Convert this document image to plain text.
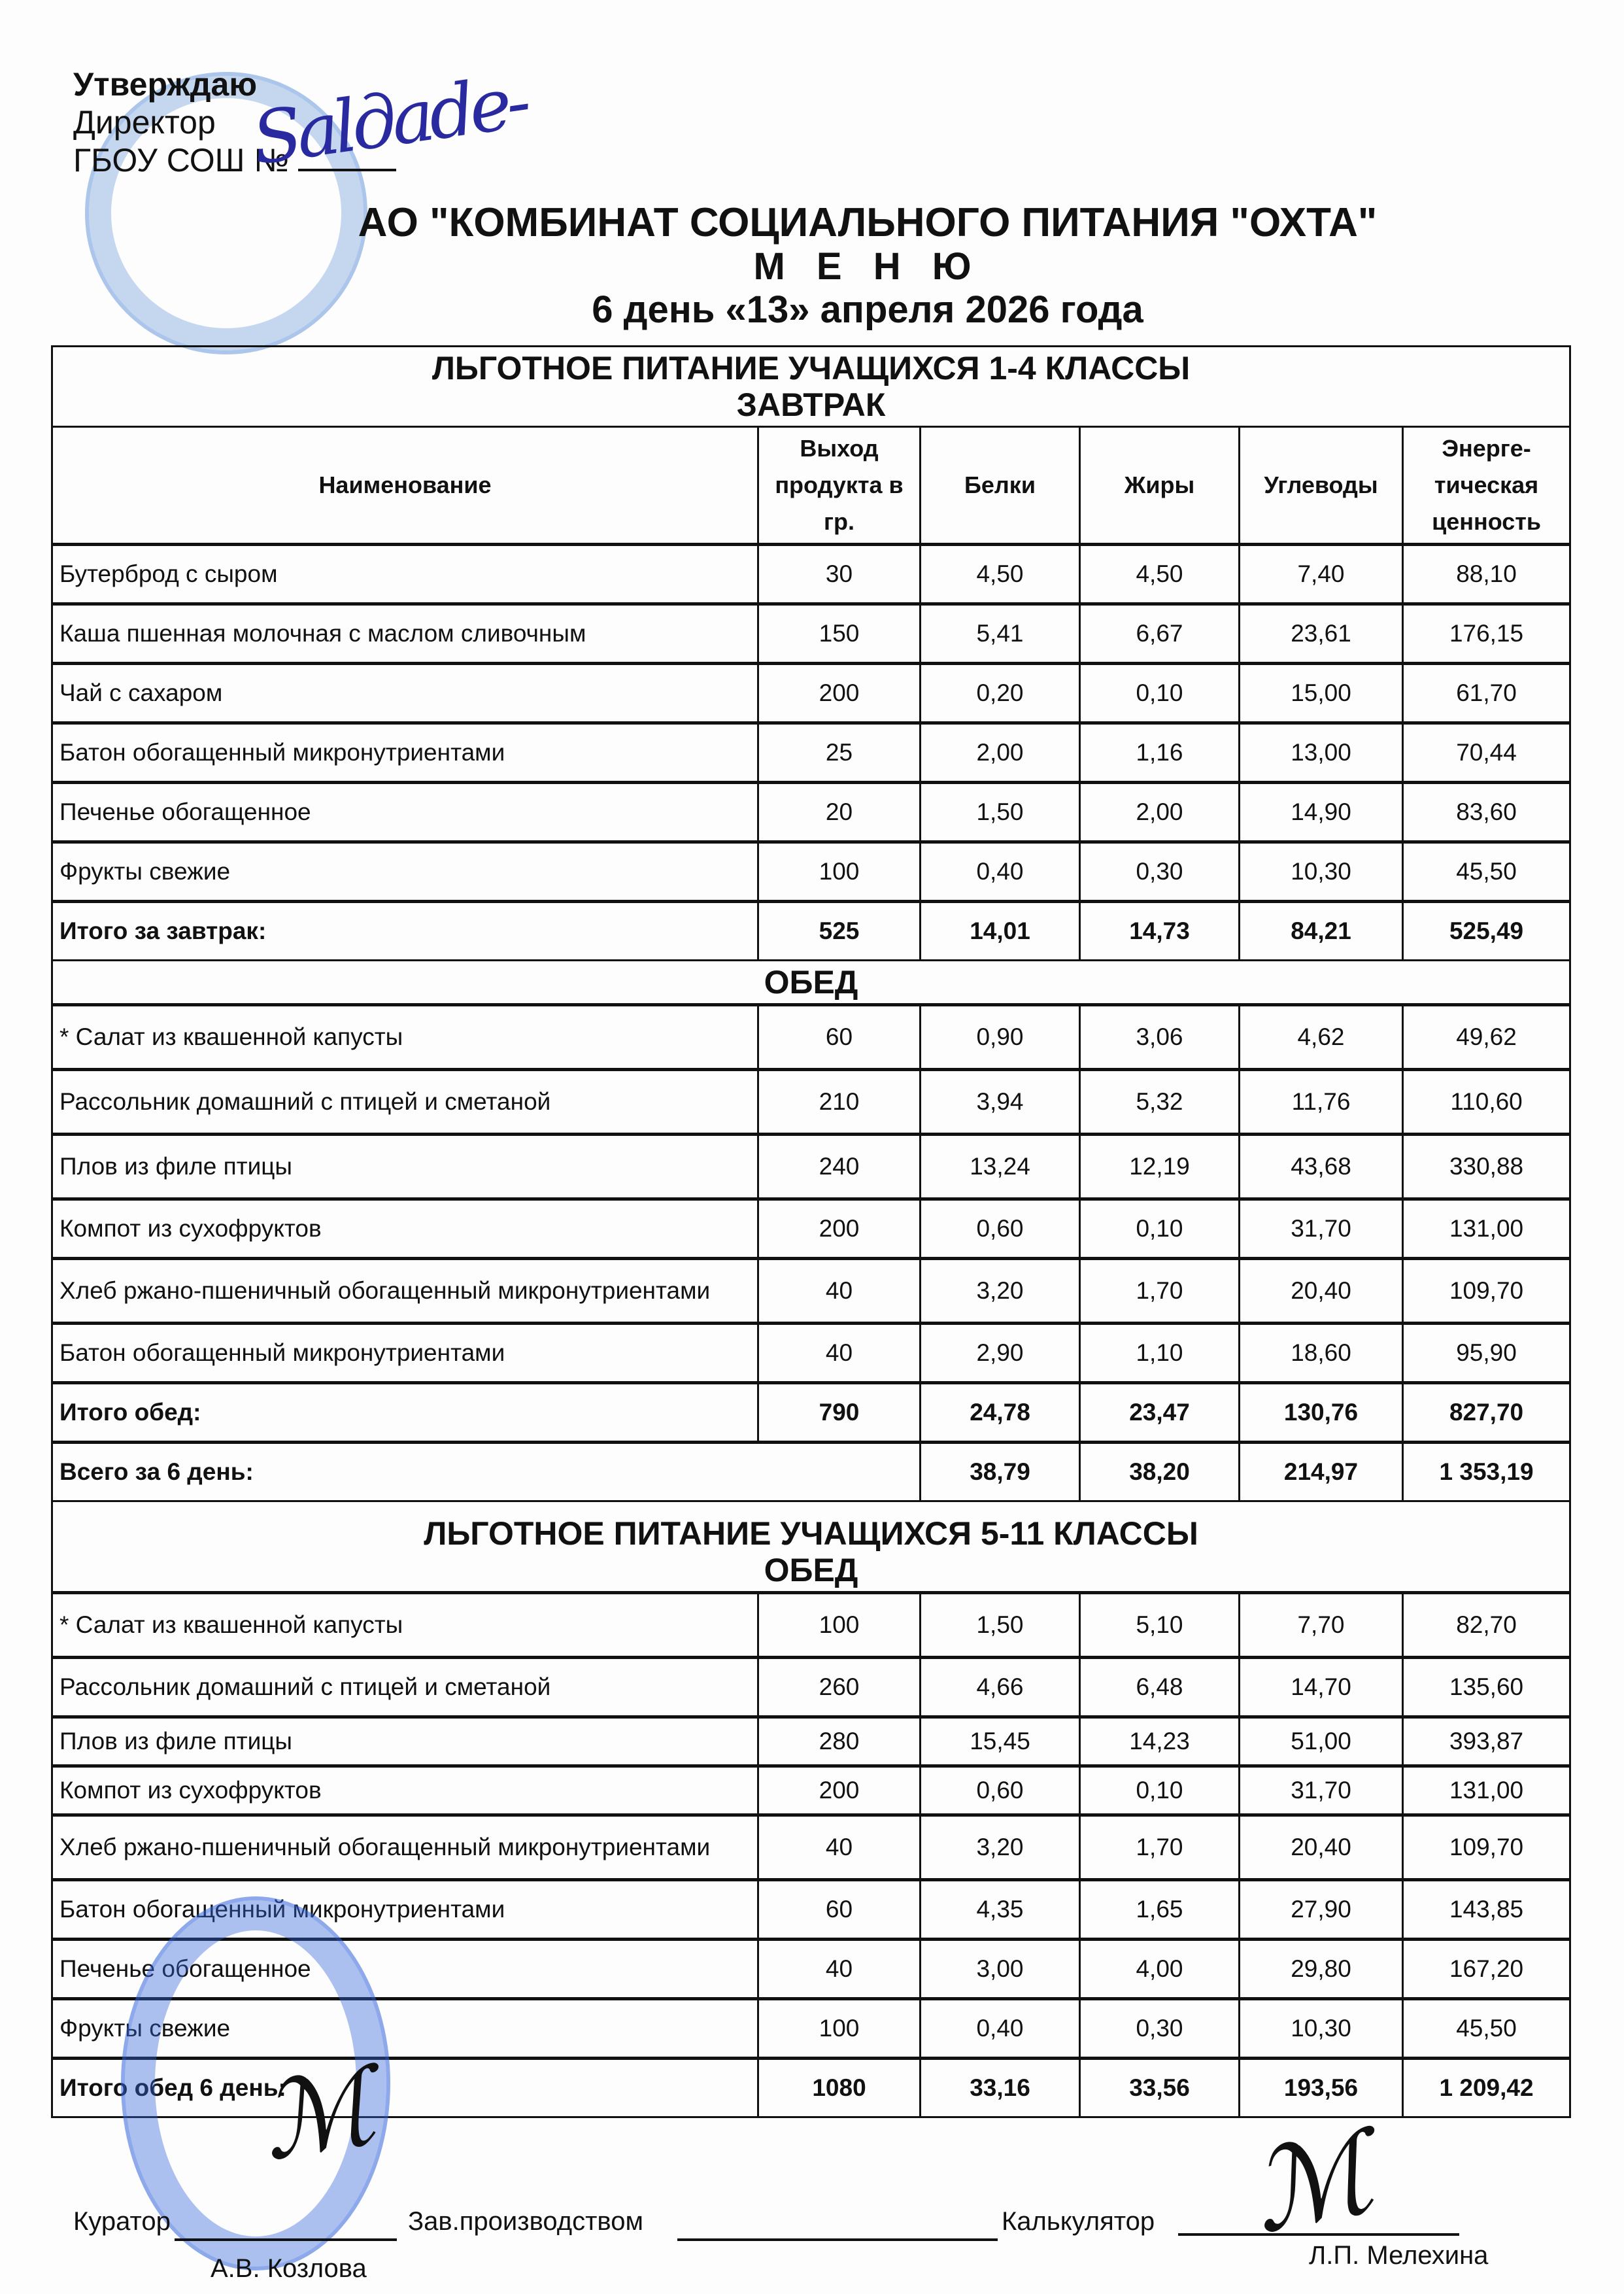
Утверждаю
Директор
ГБОУ СОШ №
Ѕаlдаde-
АО "КОМБИНАТ СОЦИАЛЬНОГО ПИТАНИЯ "ОХТА"
М Е Н Ю
6 день «13» апреля 2026 года
ЛЬГОТНОЕ ПИТАНИЕ УЧАЩИХСЯ 1-4 КЛАССЫ
ЗАВТРАК					

Наименование	Выход продукта в гр.	Белки	Жиры	Углеводы	Энерге-тическая ценность
Бутерброд с сыром	30	4,50	4,50	7,40	88,10
Каша пшенная молочная с маслом сливочным	150	5,41	6,67	23,61	176,15
Чай с сахаром	200	0,20	0,10	15,00	61,70
Батон обогащенный микронутриентами	25	2,00	1,16	13,00	70,44
Печенье обогащенное	20	1,50	2,00	14,90	83,60
Фрукты свежие	100	0,40	0,30	10,30	45,50
Итого за завтрак:	525	14,01	14,73	84,21	525,49
ОБЕД					
* Салат из квашенной капусты	60	0,90	3,06	4,62	49,62
Рассольник домашний с птицей и сметаной	210	3,94	5,32	11,76	110,60
Плов из филе птицы	240	13,24	12,19	43,68	330,88
Компот из сухофруктов	200	0,60	0,10	31,70	131,00
Хлеб ржано-пшеничный обогащенный микронутриентами	40	3,20	1,70	20,40	109,70
Батон обогащенный микронутриентами	40	2,90	1,10	18,60	95,90
Итого обед:	790	24,78	23,47	130,76	827,70
Всего за 6 день:		38,79	38,20	214,97	1 353,19

ЛЬГОТНОЕ ПИТАНИЕ УЧАЩИХСЯ 5-11 КЛАССЫ
ОБЕД					

* Салат из квашенной капусты	100	1,50	5,10	7,70	82,70
Рассольник домашний с птицей и сметаной	260	4,66	6,48	14,70	135,60
Плов из филе птицы	280	15,45	14,23	51,00	393,87
Компот из сухофруктов	200	0,60	0,10	31,70	131,00
Хлеб ржано-пшеничный обогащенный микронутриентами	40	3,20	1,70	20,40	109,70
Батон обогащенный микронутриентами	60	4,35	1,65	27,90	143,85
Печенье обогащенное	40	3,00	4,00	29,80	167,20
Фрукты свежие	100	0,40	0,30	10,30	45,50
Итого обед 6 день:	1080	33,16	33,56	193,56	1 209,42
ℳ	ℳ
Куратор	Зав.производством	Калькулятор
А.В. Козлова	Л.П. Мелехина
